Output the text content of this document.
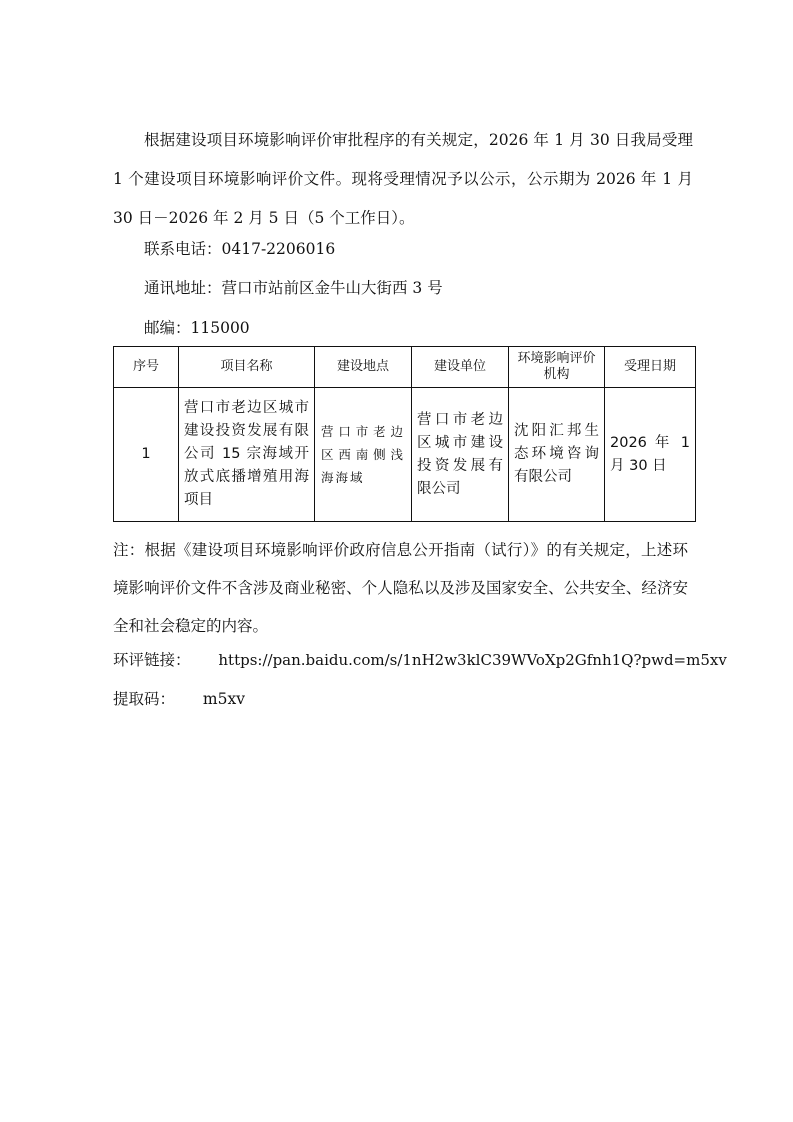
根据建设项目环境影响评价审批程序的有关规定，2026 年 1 月 30 日我局受理 1 个建设项目环境影响评价文件。现将受理情况予以公示，公示期为 2026 年 1 月 30 日－2026 年 2 月 5 日（5 个工作日）。

联系电话：0417-2206016

通讯地址：营口市站前区金牛山大街西 3 号

邮编：115000

序号	项目名称	建设地点	建设单位	环境影响评价机构	受理日期
1	营口市老边区城市建设投资发展有限公司 15 宗海域开放式底播增殖用海项目	营口市老边区西南侧浅海海域	营口市老边区城市建设投资发展有限公司	沈阳汇邦生态环境咨询有限公司	2026 年 1 月 30 日

注：根据《建设项目环境影响评价政府信息公开指南（试行）》的有关规定，上述环境影响评价文件不含涉及商业秘密、个人隐私以及涉及国家安全、公共安全、经济安全和社会稳定的内容。

环评链接： https://pan.baidu.com/s/1nH2w3klC39WVoXp2Gfnh1Q?pwd=m5xv

提取码： m5xv
